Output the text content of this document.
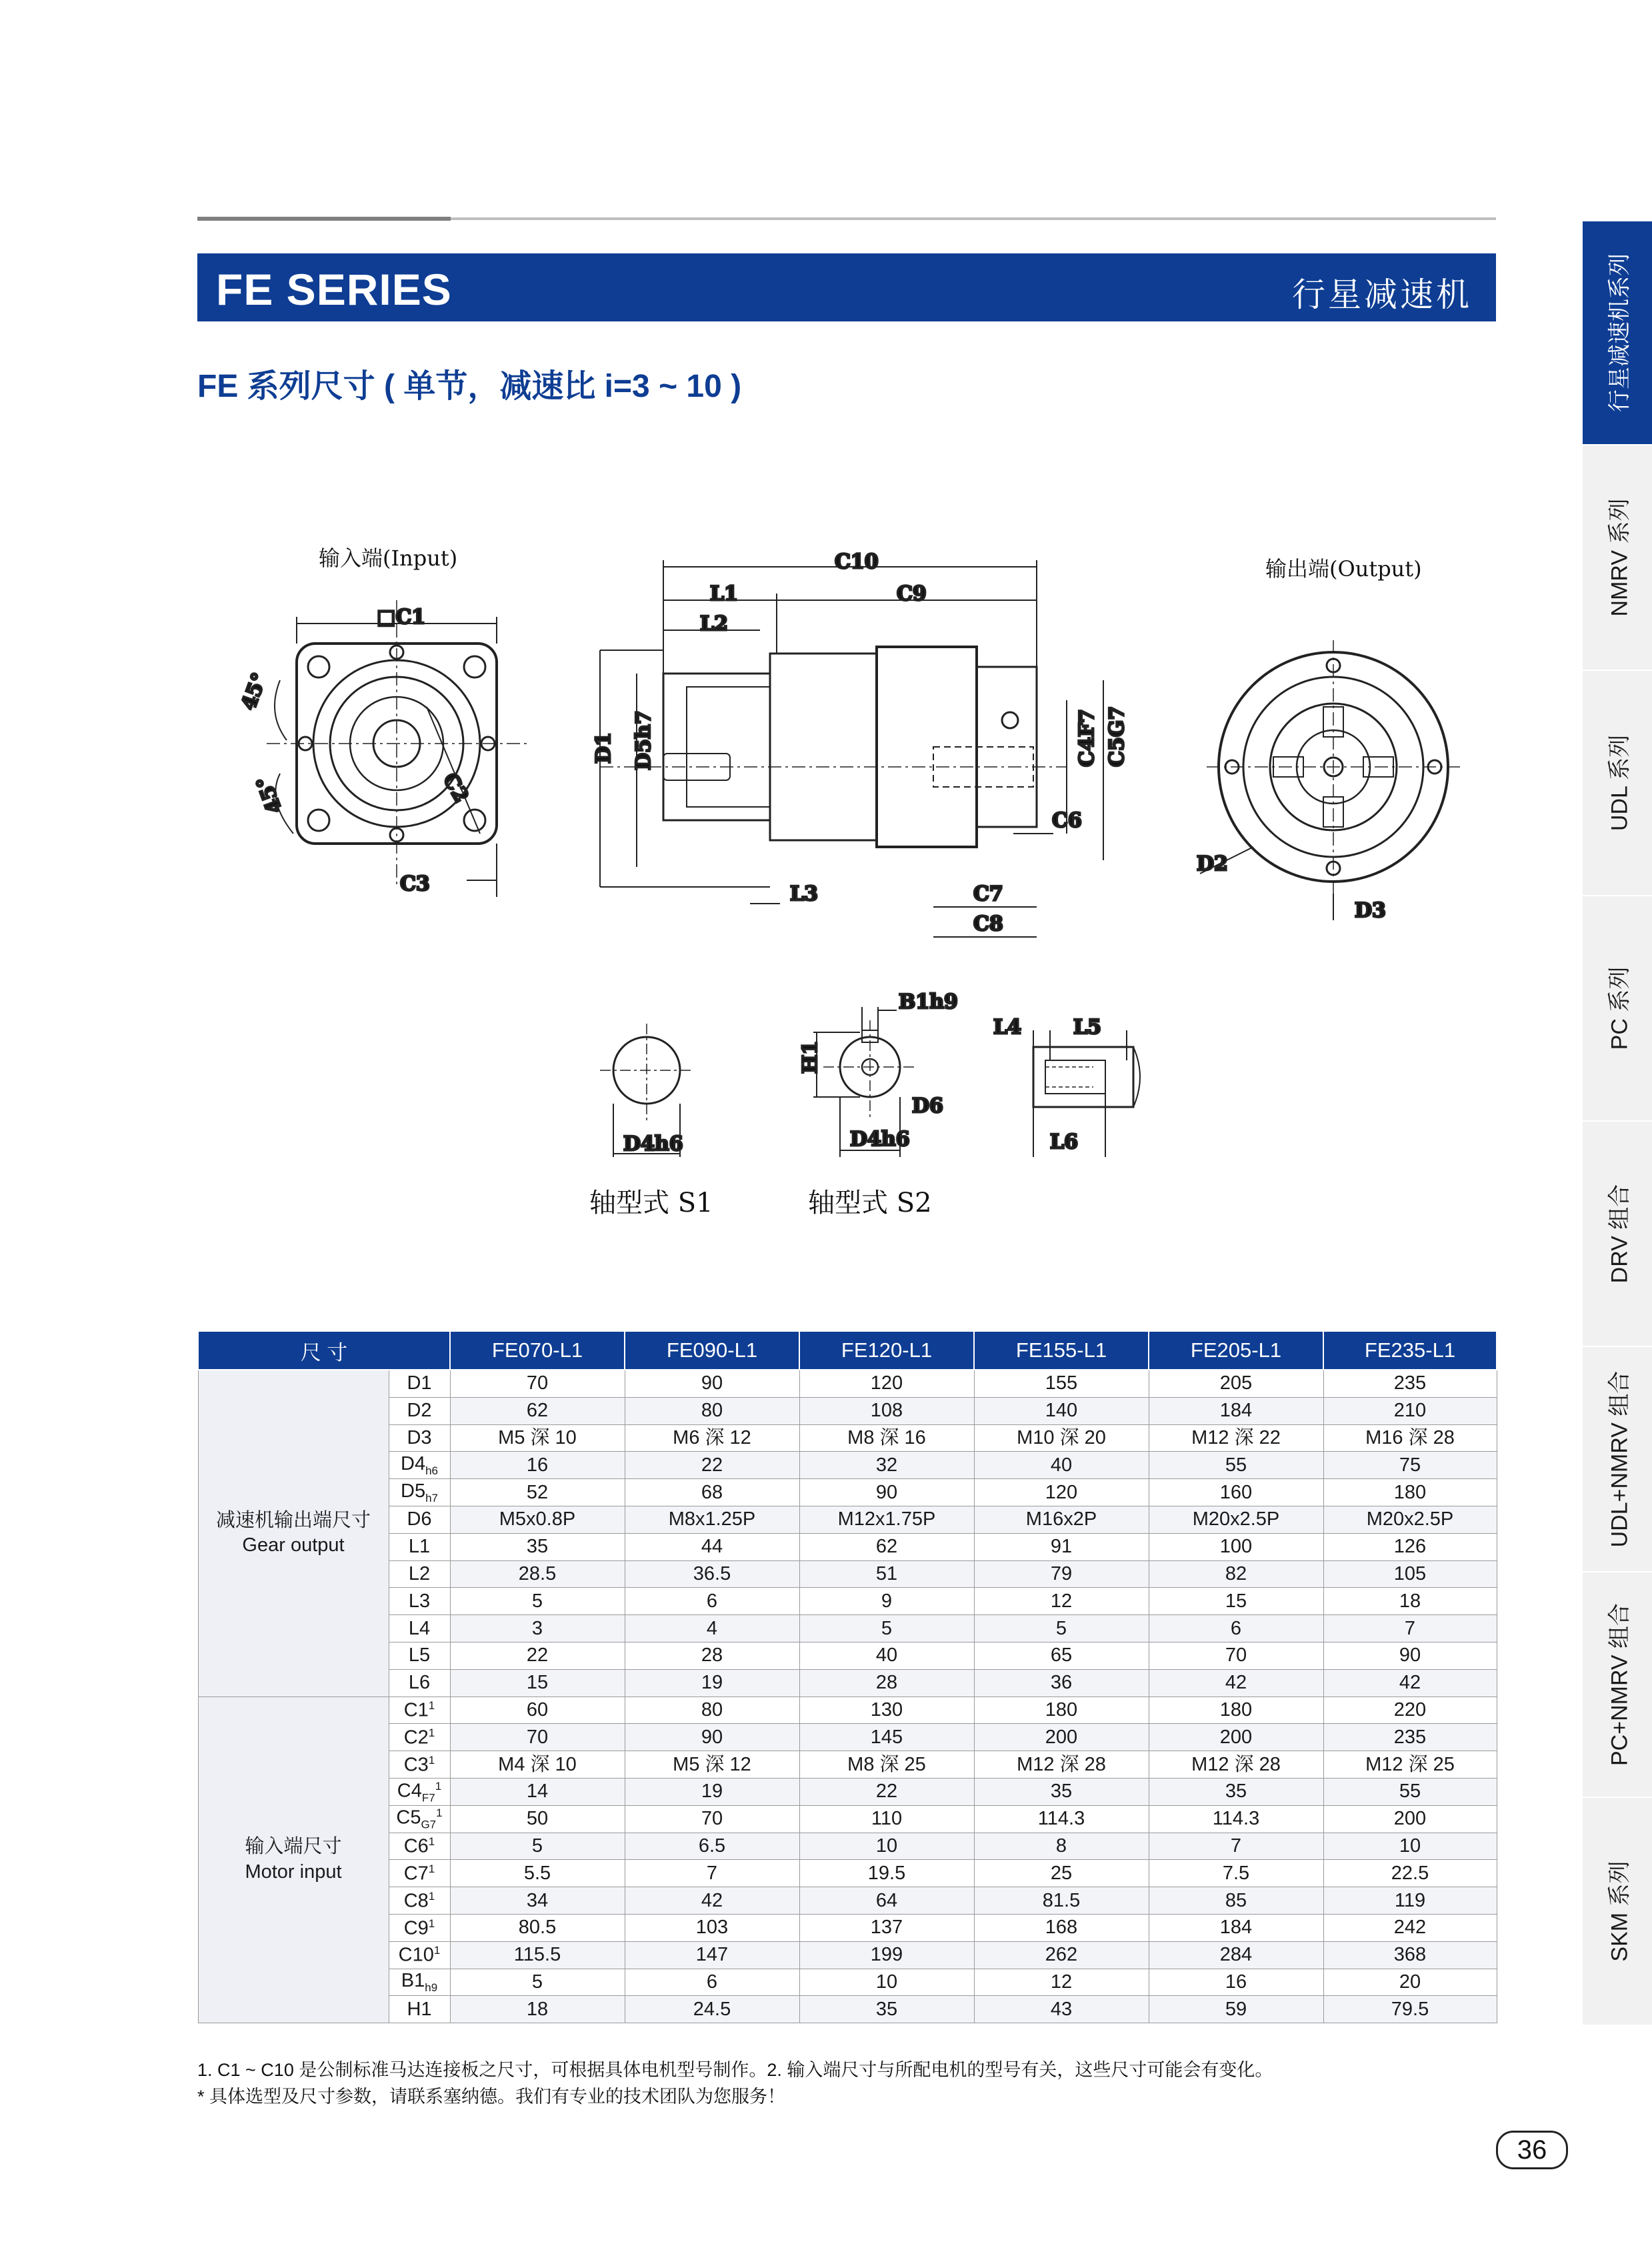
FE SERIES	行星减速机
FE 系列尺寸 ( 单节，减速比 i=3 ~ 10 )	行星减速机系列
NMRV 系列
UDL 系列
PC 系列
DRV 组合
UDL+NMRV 组合
PC+NMRV 组合
SKM 系列
输入端(Input)	输出端(Output)
轴型式 S1	轴型式 S2
□C1
C3
C2
45°
45°
C10
C9
L1
L2
L3
D1 D5h7	C4F7 C5G7
C6
C7
C8
D2
D3
D4h6
B1h9
H1
D6
D4h6
L4	L5
L6
尺 寸		FE070-L1	FE090-L1	FE120-L1	FE155-L1	FE205-L1	FE235-L1

减速机输出端尺寸
Gear output	D1	70	90	120	155	205	235
	D2	62	80	108	140	184	210
	D3	M5 深 10	M6 深 12	M8 深 16	M10 深 20	M12 深 22	M16 深 28
	$D4_{h6}$	16	22	32	40	55	75
	$D5_{h7}$	52	68	90	120	160	180
	D6	M5x0.8P	M8x1.25P	M12x1.75P	M16x2P	M20x2.5P	M20x2.5P
	L1	35	44	62	91	100	126
	L2	28.5	36.5	51	79	82	105
	L3	5	6	9	12	15	18
	L4	3	4	5	5	6	7
	L5	22	28	40	65	70	90
	L6	15	19	28	36	42	42

输入端尺寸
Motor input	$C1^1$	60	80	130	180	180	220
	$C2^1$	70	90	145	200	200	235
	$C3^1$	M4 深 10	M5 深 12	M8 深 25	M12 深 28	M12 深 28	M12 深 25
	$C4_{F7}^1$	14	19	22	35	35	55
	$C5_{G7}^1$	50	70	110	114.3	114.3	200
	$C6^1$	5	6.5	10	8	7	10
	$C7^1$	5.5	7	19.5	25	7.5	22.5
	$C8^1$	34	42	64	81.5	85	119
	$C9^1$	80.5	103	137	168	184	242
	$C10^1$	115.5	147	199	262	284	368
	$B1_{h9}$	5	6	10	12	16	20
	H1	18	24.5	35	43	59	79.5
1. C1 ~ C10 是公制标准马达连接板之尺寸，可根据具体电机型号制作。2. 输入端尺寸与所配电机的型号有关，这些尺寸可能会有变化。
* 具体选型及尺寸参数，请联系塞纳德。我们有专业的技术团队为您服务！
36
